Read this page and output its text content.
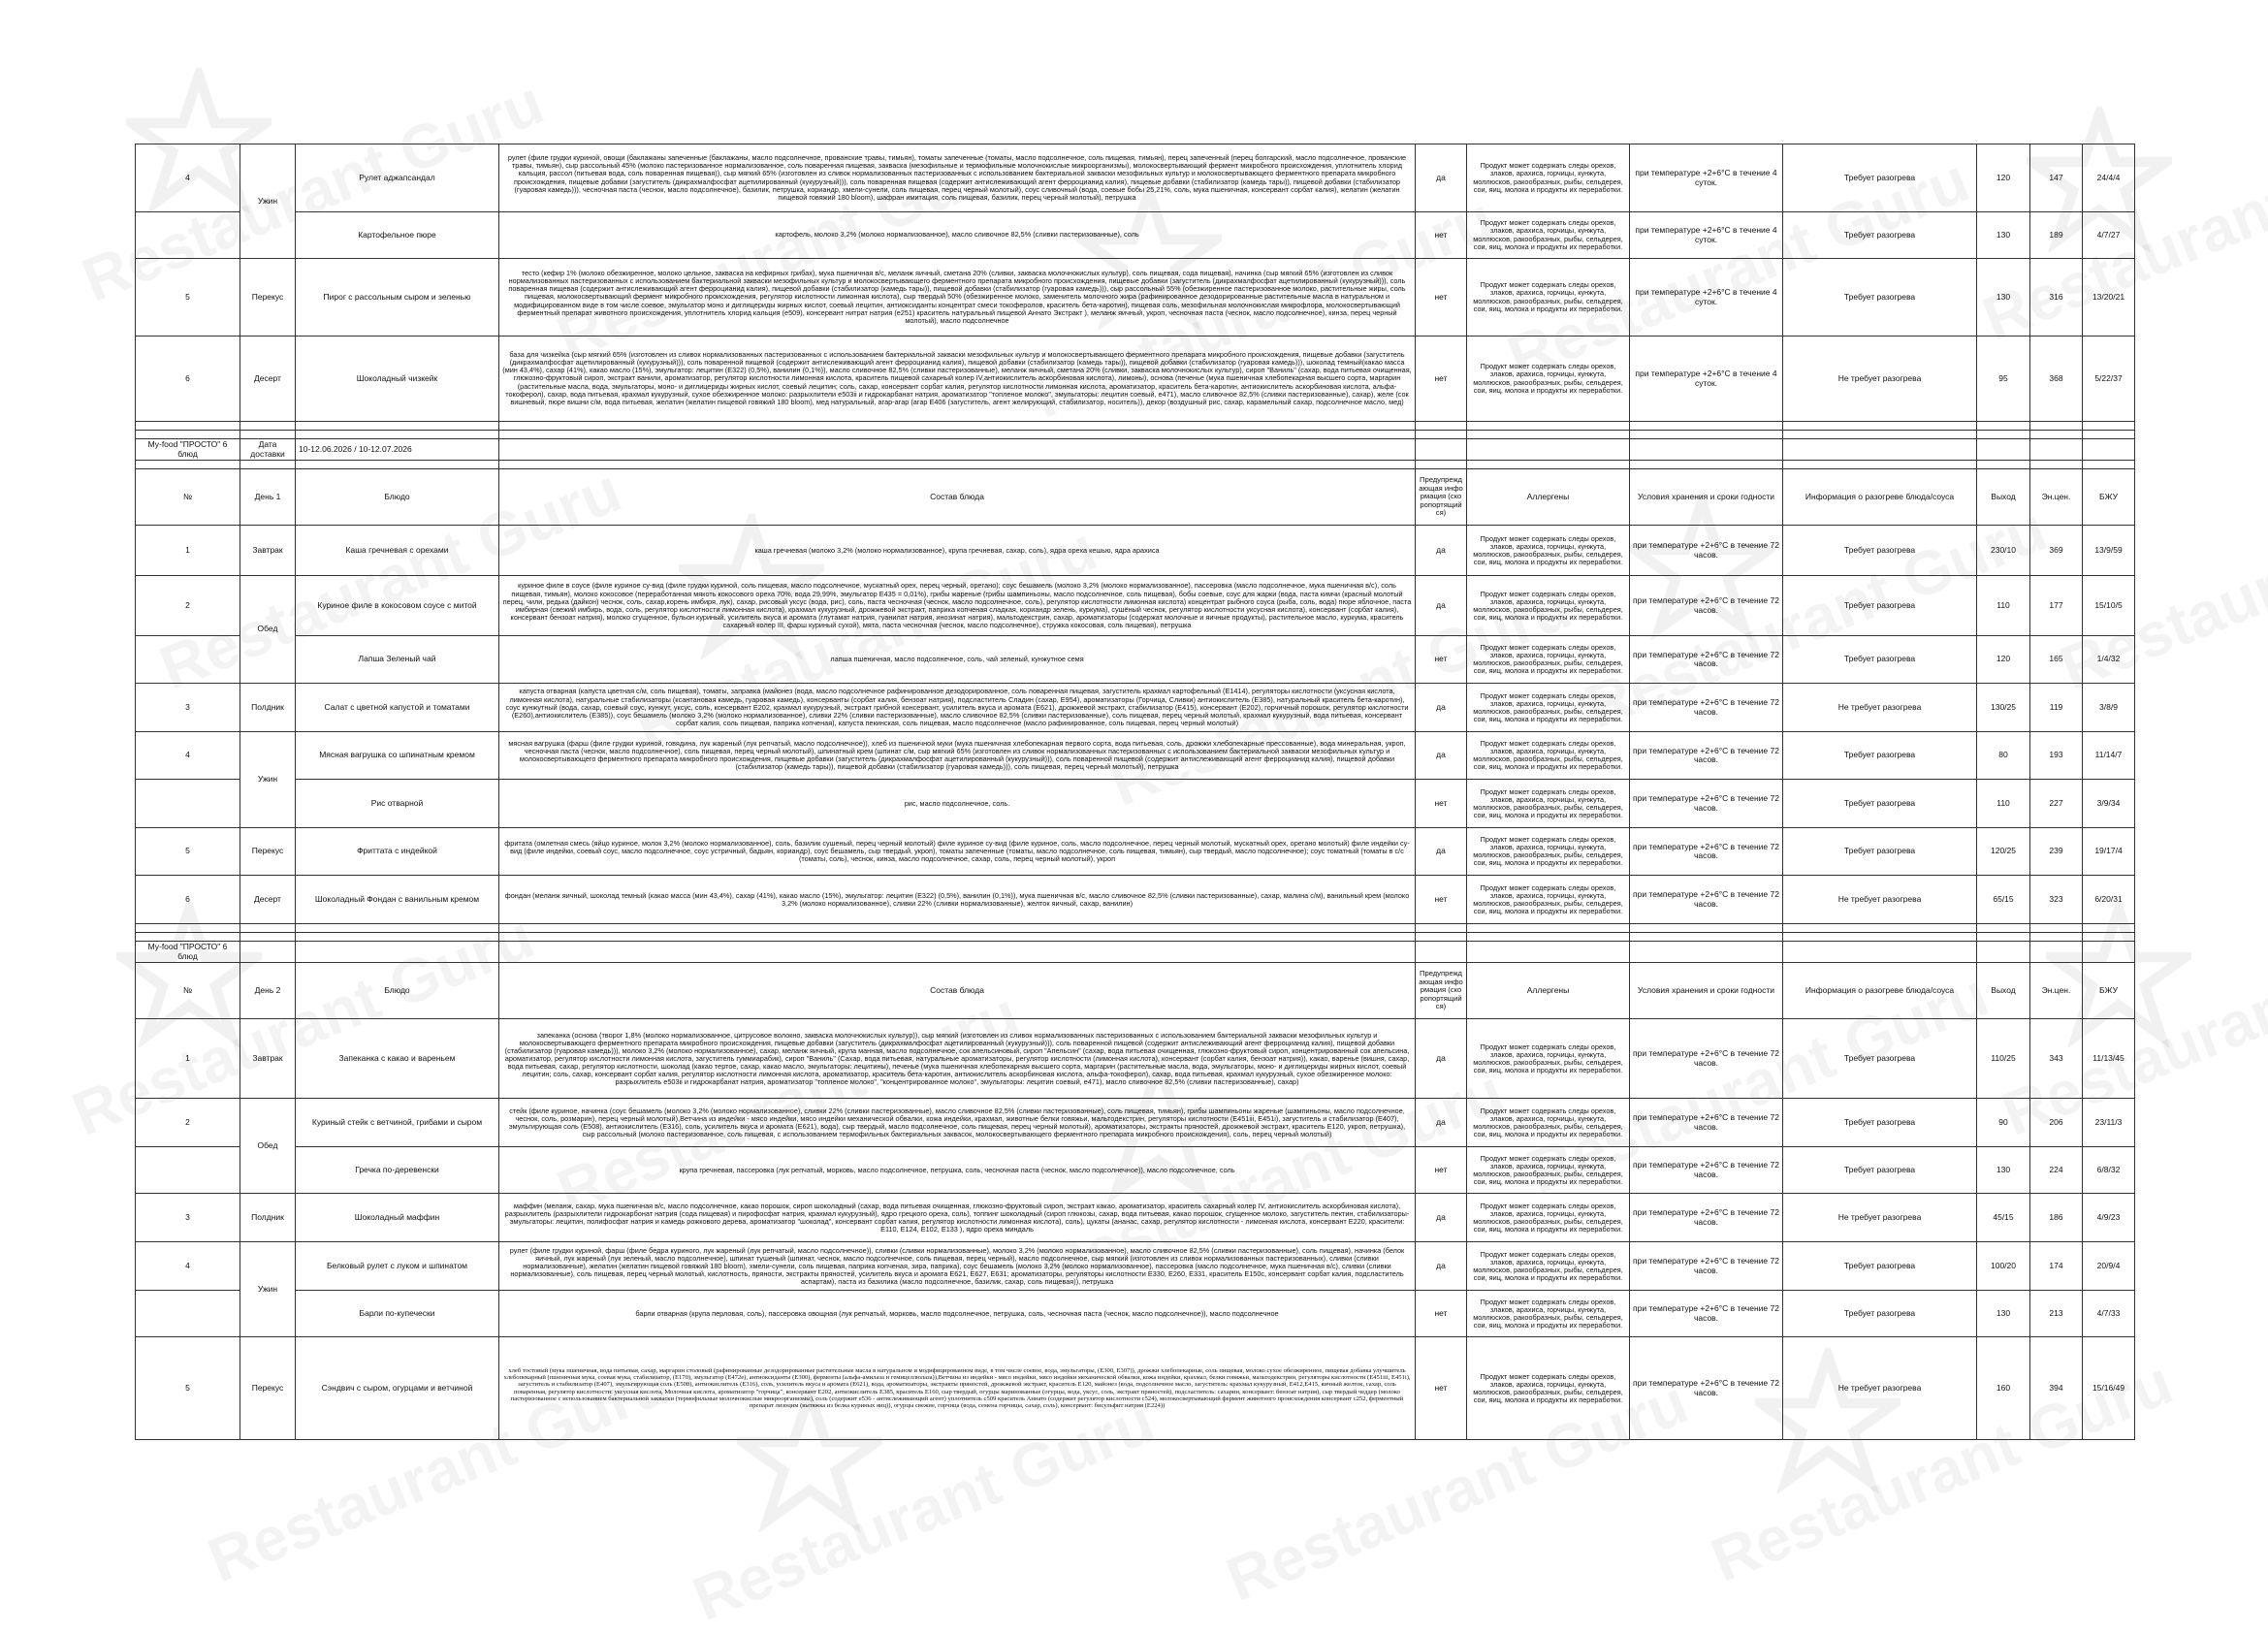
4	Ужин	Рулет аджапсандал	рулет (филе грудки куриной, овощи (баклажаны запеченные (баклажаны, масло подсолнечное, прованские травы, тимьян), томаты запеченные (томаты, масло подсолнечное, соль пищевая, тимьян), перец запеченный (перец болгарский, масло подсолнечное, прованские травы, тимьян), сыр рассольный 45% (молоко пастеризованное нормализованное, соль поваренная пищевая, закваска (мезофильные и термофильные молочнокислые микроорганизмы), молокосвертывающий фермент микробного происхождения, уплотнитель хлорид кальция, рассол (питьевая вода, соль поваренная пищевая)), сыр мягкий 65% (изготовлен из сливок нормализованных пастеризованных с использованием бактериальной закваски мезофильных культур и молокосвертывающего ферментного препарата микробного происхождения, пищевые добавки (загуститель (дикрахмалфосфат ацетилированный (кукурузный))), соль поваренная пищевая (содержит антислеживающий агент ферроцианид калия), пищевые добавки (стабилизатор (камедь тары)), пищевой добавки (стабилизатор (гуаровая камедь))), чесночная паста (чеснок, масло подсолнечное), базилик, петрушка, кориандр, хмели-сунели, соль пищевая, перец черный молотый), соус сливочный (вода, соевые бобы 25,21%, соль, мука пшеничная, консервант сорбат калия), желатин (желатин пищевой говяжий 180 bloom), шафран имитация, соль пищевая, базилик, перец черный молотый), петрушка	да	Продукт может содержать следы орехов, злаков, арахиса, горчицы, кунжута, моллюсков, ракообразных, рыбы, сельдерея, сои, яиц, молока и продукты их переработки.	при температуре +2+6°С в течение 4 суток.	Требует разогрева	120	147	24/4/4
		Картофельное пюре	картофель, молоко 3,2% (молоко нормализованное), масло сливочное 82,5% (сливки пастеризованные), соль	нет	Продукт может содержать следы орехов, злаков, арахиса, горчицы, кунжута, моллюсков, ракообразных, рыбы, сельдерея, сои, яиц, молока и продукты их переработки.	при температуре +2+6°С в течение 4 суток.	Требует разогрева	130	189	4/7/27
5	Перекус	Пирог с рассольным сыром и зеленью	тесто (кефир 1% (молоко обезжиренное, молоко цельное, закваска на кефирных грибах), мука пшеничная в/с, меланж яичный, сметана 20% (сливки, закваска молочнокислых культур), соль пищевая, сода пищевая), начинка (сыр мягкий 65% (изготовлен из сливок нормализованных пастеризованных с использованием бактериальной закваски мезофильных культур и молокосвертывающего ферментного препарата микробного происхождения, пищевые добавки (загуститель (дикрахмалфосфат ацетилированный (кукурузный))), соль поваренная пищевая (содержит антислеживающий агент ферроцианид калия), пищевой добавки (стабилизатор (камедь тары)), пищевой добавки (стабилизатор (гуаровая камедь))), сыр рассольный 55% (обезжиренное пастеризованное молоко, растительные жиры, соль пищевая, молокосвертывающий фермент микробного происхождения, регулятор кислотности лимонная кислота), сыр твердый 50% (обезжиренное молоко, заменитель молочного жира (рафинированное дезодорированные растительные масла в натуральном и модифицированном виде в том числе соевое, эмульгатор моно и диглицериды жирных кислот, соевый лецитин, антиоксиданты концентрат смеси токоферолов, краситель бета-каротин), пищевая соль, мезофильная молочнокислая микрофлора, молокосвертывающий ферментный препарат животного происхождения, уплотнитель хлорид кальция (e509), консервант нитрат натрия (e251) краситель натуральный пищевой Аннато Экстракт ), меланж яичный, укроп, чесночная паста (чеснок, масло подсолнечное), кинза, перец черный молотый), масло подсолнечное	нет	Продукт может содержать следы орехов, злаков, арахиса, горчицы, кунжута, моллюсков, ракообразных, рыбы, сельдерея, сои, яиц, молока и продукты их переработки.	при температуре +2+6°С в течение 4 суток.	Требует разогрева	130	316	13/20/21
6	Десерт	Шоколадный чизкейк	база для чизкейка (сыр мягкий 65% (изготовлен из сливок нормализованных пастеризованных с использованием бактериальной закваски мезофильных культур и молокосвертывающего ферментного препарата микробного происхождения, пищевые добавки (загуститель (дикрахмалфосфат ацетилированный (кукурузный))), соль поваренной пищевой (содержит антислеживающий агент ферроцианид калия), пищевой добавки (стабилизатор (камедь тары)), пищевой добавки (стабилизатор (гуаровая камедь))), шоколад темный(какао масса (мин 43,4%), сахар (41%), какао масло (15%), эмульгатор: лецитин (E322) (0,5%), ванилин (0,1%)), масло сливочное 82,5% (сливки пастеризованные), меланж яичный, сметана 20% (сливки, закваска молочнокислых культур), сироп "Ваниль" (сахар, вода питьевая очищенная, глюкозно-фруктовый сироп, экстракт ванили, ароматизатор, регулятор кислотности лимонная кислота, краситель пищевой сахарный колер IV,антиокислитель аскорбиновая кислота), лимоны), основа (печенье (мука пшеничная хлебопекарная высшего сорта, маргарин (растительные масла, вода, эмульгаторы, моно- и диглицериды жирных кислот, соевый лецитин; соль, сахар, консервант сорбат калия, регулятор кислотности лимонная кислота, ароматизатор, краситель бета-каротин, антиокислитель аскорбиновая кислота, альфа-токоферол), сахар, вода питьевая, крахмал кукурузный, сухое обезжиренное молоко: разрыхлители e503ii и гидрокарбанат натрия, ароматизатор "топленое молоко", эмульгаторы: лецитин соевый, e471), масло сливочное 82,5% (сливки пастеризованные), сахар), желе (сок вишневый, пюре вишни с/м, вода питьевая, желатин (желатин пищевой говяжий 180 bloom), мед натуральный, агар-агар (агар E406 (загуститель, агент желирующий, стабилизатор, носитель)), декор (воздушный рис, сахар, карамельный сахар, подсолнечное масло, мед)	нет	Продукт может содержать следы орехов, злаков, арахиса, горчицы, кунжута, моллюсков, ракообразных, рыбы, сельдерея, сои, яиц, молока и продукты их переработки.	при температуре +2+6°С в течение 4 суток.	Не требует разогрева	95	368	5/22/37

My-food "ПРОСТО" 6 блюд	Дата доставки	10-12.06.2026 / 10-12.07.2026								

№	День 1	Блюдо	Состав блюда	Предупреждающая информация (скоропортящийся)	Аллергены	Условия хранения и сроки годности	Информация о разогреве блюда/соуса	Выход	Эн.цен.	БЖУ
1	Завтрак	Каша гречневая с орехами	каша гречневая (молоко 3,2% (молоко нормализованное), крупа гречневая, сахар, соль), ядра ореха кешью, ядра арахиса	да	Продукт может содержать следы орехов, злаков, арахиса, горчицы, кунжута, моллюсков, ракообразных, рыбы, сельдерея, сои, яиц, молока и продукты их переработки.	при температуре +2+6°С в течение 72 часов.	Требует разогрева	230/10	369	13/9/59
2	Обед	Куриное филе в кокосовом соусе с митой	куриное филе в соусе (филе куриное су-вид (филе грудки куриной, соль пищевая, масло подсолнечное, мускатный орех, перец черный, орегано); соус бешамель (молоко 3,2% (молоко нормализованное), пассеровка (масло подсолнечное, мука пшеничная в/с), соль пищевая, тимьян), молоко кокосовое (переработанная мякоть кокосового ореха 70%, вода 29,99%, эмульгатор E435 = 0,01%), грибы жареные (грибы шампиньоны, масло подсолнечное, соль пищевая), бобы соевые, соус для жарки (вода, паста кимчи (красный молотый перец, чили, редька (дайкон) чеснок, соль, сахар,корень имбиря, лук), сахар, рисовый уксус (вода, рис), соль, паста чесночная (чеснок, масло подсолнечное, соль), регулятор кислотности лимонная кислота) концентрат рыбного соуса (рыба, соль, вода) пюре яблочное, паста имбирная (свежий имбирь, вода, соль, регулятор кислотности лимонная кислота), крахмал кукурузный, дрожжевой экстракт, паприка копченая сладкая, кориандр зелень, куркума), сушёный чеснок, регулятор кислотности уксусная кислота), консервант (сорбат калия), консервант бензоат натрия), молоко сгущенное, бульон куриный, усилитель вкуса и аромата (глутамат натрия, гуанилат натрия, инозинат натрия), мальтодекстрин, сахар, ароматизаторы (содержат молочные и яичные продукты), растительное масло, куркума, краситель сахарный колер III, фарш куриный сухой), мята, паста чесночная (чеснок, масло подсолнечное), стружка кокосовая, соль пищевая), петрушка	да	Продукт может содержать следы орехов, злаков, арахиса, горчицы, кунжута, моллюсков, ракообразных, рыбы, сельдерея, сои, яиц, молока и продукты их переработки.	при температуре +2+6°С в течение 72 часов.	Требует разогрева	110	177	15/10/5
		Лапша Зеленый чай	лапша пшеничная, масло подсолнечное, соль, чай зеленый, кунжутное семя	нет	Продукт может содержать следы орехов, злаков, арахиса, горчицы, кунжута, моллюсков, ракообразных, рыбы, сельдерея, сои, яиц, молока и продукты их переработки.	при температуре +2+6°С в течение 72 часов.	Требует разогрева	120	165	1/4/32
3	Полдник	Салат с цветной капустой и томатами	капуста отварная (капуста цветная с/м, соль пищевая), томаты, заправка (майонез (вода, масло подсолнечное рафинированное дезодорированное, соль поваренная пищевая, загуститель крахмал картофельный (E1414), регуляторы кислотности (уксусная кислота, лимонная кислота), натуральные стабилизаторы (ксантановая камедь, гуаровая камедь), консерванты (сорбат калия, бензоат натрия), подсластитель Сладин (сахар, E954), ароматизаторы (Горчица, Сливки) антиокислитель (E385), натуральный краситель бета-каротин), соус кунжутный (вода, сахар, соевый соус, кунжут, уксус, соль, консервант E202, крахмал кукурузный, экстракт грибной консервант, усилитель вкуса и аромата (E621), дрожжевой экстракт, стабилизатор (E415), консервант (E202), горчичный порошок, регулятор кислотности (E260),антиокислитель (E385)), соус бешамель (молоко 3,2% (молоко нормализованное), сливки 22% (сливки пастеризованные), масло сливочное 82,5% (сливки пастеризованные), соль пищевая, перец черный молотый, крахмал кукурузный, вода питьевая, консервант сорбат калия, соль пищевая, паприка копченая), капуста пекинская, соль пищевая, масло подсолнечное (масло рафинированное, соль пищевая, перец черный молотый)	да	Продукт может содержать следы орехов, злаков, арахиса, горчицы, кунжута, моллюсков, ракообразных, рыбы, сельдерея, сои, яиц, молока и продукты их переработки.	при температуре +2+6°С в течение 72 часов.	Не требует разогрева	130/25	119	3/8/9
4	Ужин	Мясная вагрушка со шпинатным кремом	мясная вагрушка (фарш (филе грудки куриной, говядина, лук жареный (лук репчатый, масло подсолнечное)), хлеб из пшеничной муки (мука пшеничная хлебопекарная первого сорта, вода питьевая, соль, дрожжи хлебопекарные прессованные), вода минеральная, укроп, чесночная паста (чеснок, масло подсолнечное), соль пищевая, перец черный молотый), шпинатный крем (шпинат с/м, сыр мягкий 65% (изготовлен из сливок нормализованных пастеризованных с использованием бактериальной закваски мезофильных культур и молокосвертывающего ферментного препарата микробного происхождения, пищевые добавки (загуститель (дикрахмалфосфат ацетилированный (кукурузный))), соль поваренной пищевой (содержит антислеживающий агент ферроцианид калия), пищевой добавки (стабилизатор (камедь тары)), пищевой добавки (стабилизатор (гуаровая камедь))), соль пищевая, перец черный молотый), петрушка	да	Продукт может содержать следы орехов, злаков, арахиса, горчицы, кунжута, моллюсков, ракообразных, рыбы, сельдерея, сои, яиц, молока и продукты их переработки.	при температуре +2+6°С в течение 72 часов.	Требует разогрева	80	193	11/14/7
		Рис отварной	рис, масло подсолнечное, соль.	нет	Продукт может содержать следы орехов, злаков, арахиса, горчицы, кунжута, моллюсков, ракообразных, рыбы, сельдерея, сои, яиц, молока и продукты их переработки.	при температуре +2+6°С в течение 72 часов.	Требует разогрева	110	227	3/9/34
5	Перекус	Фриттата с индейкой	фритата (омлетная смесь (яйцо куриное, молок 3,2% (молоко нормализованное), соль, базилик сушеный, перец черный молотый) филе куриное су-вид (филе куриное, соль, масло подсолнечное, перец черный молотый, мускатный орех, орегано молотый) филе индейки су-вид (филе индейки, соевый соус, масло подсолнечное, соус устричный, бадьян, кориандр), соус бешамель, сыр твердый, укроп), томаты запеченные (томаты, масло подсолнечное, соль пищевая, тимьян), сыр твердый, масло подсолнечное); соус томатный (томаты в с/с (томаты, соль), чеснок, кинза, масло подсолнечное, сахар, соль, перец черный молотый), укроп	да	Продукт может содержать следы орехов, злаков, арахиса, горчицы, кунжута, моллюсков, ракообразных, рыбы, сельдерея, сои, яиц, молока и продукты их переработки.	при температуре +2+6°С в течение 72 часов.	Требует разогрева	120/25	239	19/17/4
6	Десерт	Шоколадный Фондан с ванильным кремом	фондан (меланж яичный, шоколад темный (какао масса (мин 43,4%), сахар (41%), какао масло (15%), эмульгатор: лецитин (E322) (0,5%), ванилин (0,1%)), мука пшеничная в/с, масло сливочное 82,5% (сливки пастеризованные), сахар, малина с/м), ванильный крем (молоко 3,2% (молоко нормализованное), сливки 22% (сливки нормализованные), желток яичный, сахар, ванилин)	нет	Продукт может содержать следы орехов, злаков, арахиса, горчицы, кунжута, моллюсков, ракообразных, рыбы, сельдерея, сои, яиц, молока и продукты их переработки.	при температуре +2+6°С в течение 72 часов.	Не требует разогрева	65/15	323	6/20/31

My-food "ПРОСТО" 6 блюд										
№	День 2	Блюдо	Состав блюда	Предупреждающая информация (скоропортящийся)	Аллергены	Условия хранения и сроки годности	Информация о разогреве блюда/соуса	Выход	Эн.цен.	БЖУ
1	Завтрак	Запеканка с какао и вареньем	запеканка (основа (творог 1,8% (молоко нормализованное, цитрусовое волокно, закваска молочнокислых культур)), сыр мягкий (изготовлен из сливок нормализованных пастеризованных с использованием бактериальной закваски мезофильных культур и молокосвертывающего ферментного препарата микробного происхождения, пищевые добавки (загуститель (дикрахмалфосфат ацетилированный (кукурузный))), соль поваренной пищевой (содержит антислеживающий агент ферроцианид калия), пищевой добавки (стабилизатор (гуаровая камедь))), молоко 3,2% (молоко нормализованное), сахар, меланж яичный, крупа манная, масло подсолнечное, сок апельсиновый, сироп "Апельсин" (сахар, вода питьевая очищенная, глюкозно-фруктовый сироп, концентрированный сок апельсина, ароматизатор, регулятор кислотности лимонная кислота, загуститель гуммиарабик), сироп "Ваниль" (Сахар, вода питьевая, натуральные ароматизаторы, регулятор кислотности (лимонная кислота), консервант (сорбат калия, бензоат натрия)), какао, варенье (вишня, сахар, вода питьевая, сахар, регулятор кислотности, шоколад (какао тертое, сахар, какао масло, эмульгаторы: лецитины), печенье (мука пшеничная хлебопекарная высшего сорта, маргарин (растительные масла, вода, эмульгаторы, моно- и диглицериды жирных кислот, соевый лецитин; соль, сахар, консервант сорбат калия, регулятор кислотности лимонная кислота, ароматизатор, краситель бета-каротин, антиокислитель аскорбиновая кислота, альфа-токоферол), сахар, вода питьевая, крахмал кукурузный, сухое обезжиренное молоко: разрыхлитель e503ii и гидрокарбанат натрия, ароматизатор "топленое молоко", "концентрированное молоко", эмульгаторы: лецитин соевый, e471), масло сливочное 82,5% (сливки пастеризованные), сахар)	да	Продукт может содержать следы орехов, злаков, арахиса, горчицы, кунжута, моллюсков, ракообразных, рыбы, сельдерея, сои, яиц, молока и продукты их переработки.	при температуре +2+6°С в течение 72 часов.	Требует разогрева	110/25	343	11/13/45
2	Обед	Куриный стейк с ветчиной, грибами и сыром	стейк (филе куриное, начинка (соус бешамель (молоко 3,2% (молоко нормализованное), сливки 22% (сливки пастеризованные), масло сливочное 82,5% (сливки пастеризованные), соль пищевая, тимьян), грибы шампиньоны жареные (шампиньоны, масло подсолнечное, чеснок, соль, розмарин), перец черный молотый),Ветчина из индейки - мясо индейки, мясо индейки механической обвалки, кожа индейки, крахмал, животные белки говяжьи, мальтодекстрин, регуляторы кислотности (E451iii, E451i), загуститель и стабилизатор (E407), эмульгирующая соль (E508), антиокислитель (E316), соль, усилитель вкуса и аромата (E621), вода), сыр твердый, масло подсолнечное, соль пищевая, перец черный молотый), ароматизаторы, экстракты пряностей, дрожжевой экстракт, краситель E120, укроп, петрушка), сыр рассольный (молоко пастеризованное, соль пищевая, с использованием термофильных бактериальных заквасок, молокосвертывающего ферментного препарата микробного происхождения), соль, перец черный молотый)	да	Продукт может содержать следы орехов, злаков, арахиса, горчицы, кунжута, моллюсков, ракообразных, рыбы, сельдерея, сои, яиц, молока и продукты их переработки.	при температуре +2+6°С в течение 72 часов.	Требует разогрева	90	206	23/11/3
		Гречка по-деревенски	крупа гречневая, пассеровка (лук репчатый, морковь, масло подсолнечное, петрушка, соль, чесночная паста (чеснок, масло подсолнечное)), масло подсолнечное, соль	нет	Продукт может содержать следы орехов, злаков, арахиса, горчицы, кунжута, моллюсков, ракообразных, рыбы, сельдерея, сои, яиц, молока и продукты их переработки.	при температуре +2+6°С в течение 72 часов.	Требует разогрева	130	224	6/8/32
3	Полдник	Шоколадный маффин	маффин (меланж, сахар, мука пшеничная в/с, масло подсолнечное, какао порошок, сироп шоколадный (сахар, вода питьевая очищенная, глюкозно-фруктовый сироп, экстракт какао, ароматизатор, краситель сахарный колер IV, антиокислитель аскорбиновая кислота), разрыхлитель (разрыхлители гидрокарбонат натрия (сода пищевая) и пирофосфат натрия, крахмал кукурузный), ядро грецкого ореха, соль), топпинг шоколадный (сироп глюкозы, сахар, вода питьевая, какао порошок, сгущенное молоко, загуститель пектин, стабилизаторы-эмульгаторы: лецитин, полифосфат натрия и камедь рожкового дерева, ароматизатор "шоколад", консервант сорбат калия, регулятор кислотности лимонная кислота), соль), цукаты (ананас, сахар, регулятор кислотности - лимонная кислота, консервант E220, красители: E110, E124, E102, E133 ), ядро ореха миндаль	да	Продукт может содержать следы орехов, злаков, арахиса, горчицы, кунжута, моллюсков, ракообразных, рыбы, сельдерея, сои, яиц, молока и продукты их переработки.	при температуре +2+6°С в течение 72 часов.	Не требует разогрева	45/15	186	4/9/23
4	Ужин	Белковый рулет с луком и шпинатом	рулет (филе грудки куриной, фарш (филе бедра куриного, лук жареный (лук репчатый, масло подсолнечное)), сливки (сливки нормализованные), молоко 3,2% (молоко нормализованное), масло сливочное 82,5% (сливки пастеризованные), соль пищевая), начинка (белок яичный, лук жареный (лук зеленый, масло подсолнечное), шпинат тушеный (шпинат, чеснок, масло подсолнечное, соль пищевая, перец черный), масло подсолнечное, сыр мягкий (изготовлен из сливок нормализованных пастеризованных), сливки (сливки нормализованные), желатин (желатин пищевой говяжий 180 bloom), хмели-сунели, соль пищевая, паприка копченая, зира, паприка), соус бешамель (молоко 3,2% (молоко нормализованное), пассеровка (масло подсолнечное, мука пшеничная в/с), сливки (сливки нормализованные), соль пищевая, перец черный молотый, кислотность, пряности, экстракты пряностей, усилитель вкуса и аромата E621, E627, E631; ароматизаторы, регуляторы кислотности E330, E260, E331, краситель E150c, консервант сорбат калия, подсластитель аспартам), паста из базилика (масло подсолнечное, базилик, сахар, соль пищевая)), петрушка	да	Продукт может содержать следы орехов, злаков, арахиса, горчицы, кунжута, моллюсков, ракообразных, рыбы, сельдерея, сои, яиц, молока и продукты их переработки.	при температуре +2+6°С в течение 72 часов.	Требует разогрева	100/20	174	20/9/4
		Барли по-купечески	барли отварная (крупа перловая, соль), пассеровка овощная (лук репчатый, морковь, масло подсолнечное, петрушка, соль, чесночная паста (чеснок, масло подсолнечное)), масло подсолнечное	нет	Продукт может содержать следы орехов, злаков, арахиса, горчицы, кунжута, моллюсков, ракообразных, рыбы, сельдерея, сои, яиц, молока и продукты их переработки.	при температуре +2+6°С в течение 72 часов.	Требует разогрева	130	213	4/7/33
5	Перекус	Сэндвич с сыром, огурцами и ветчиной	хлеб тостовый (мука пшеничная, вода питьевая, сахар, маргарин столовый (рафинированные дезодорированные растительные масла в натуральном и модифицированном виде, в том числе соевое, вода, эмульгаторы, (E300, E307)), дрожжи хлебопекарные, соль пищевая, молоко сухое обезжиренное, пищевая добавка улучшитель хлебопекарный (пшеничная мука, соевая мука, стабилизатор, (E170), эмульгатор (E472e), антиоксиданты (E300), ферменты (альфа-амилаза и гемицеллюлаза)),Ветчина из индейки - мясо индейки, мясо индейки механической обвалки, кожа индейки, крахмал, белки говяжьи, мальтодекстрин, регуляторы кислотности (E451iii, E451i), загуститель и стабилизатор (E407), эмульгирующая соль (E508), антиокислитель (E316), соль, усилитель вкуса и аромата (E621), вода, ароматизаторы, экстракты пряностей, дрожжевой экстракт, краситель E120, майонез (вода, подсолнечное масло, загуститель: крахмал кукурузный, E412,E415, яичный желток, сахар, соль поваренная, регулятор кислотности: уксусная кислота, Молочная кислота, ароматизатор "горчица", консервант Е202, антиокислитель Е385, краситель E160, сыр твердый, огурцы маринованные (огурцы, вода, уксус, соль, экстракт пряностей), подсластитель: сахарин, консервант: бензоат натрия), сыр твердый чеддер (молоко пастеризованное с использованием бактериальной закваски (термофильные молочнокислые микроорганизмы), соль (содержит е536 - антислеживающий агент) уплотнитель с509 краситель Аннато (содержит регулятор кислотности с524), молокосвертывающий фермент животного происхождения консервант с252, ферментный препарат лизоцим (вытяжка из белка куриных яиц)), огурцы свежие, горчица (вода, семена горчицы, сахар, соль), консервант: бисульфит натрия (E224))	нет	Продукт может содержать следы орехов, злаков, арахиса, горчицы, кунжута, моллюсков, ракообразных, рыбы, сельдерея, сои, яиц, молока и продукты их переработки.	при температуре +2+6°С в течение 72 часов.	Не требует разогрева	160	394	15/16/49
